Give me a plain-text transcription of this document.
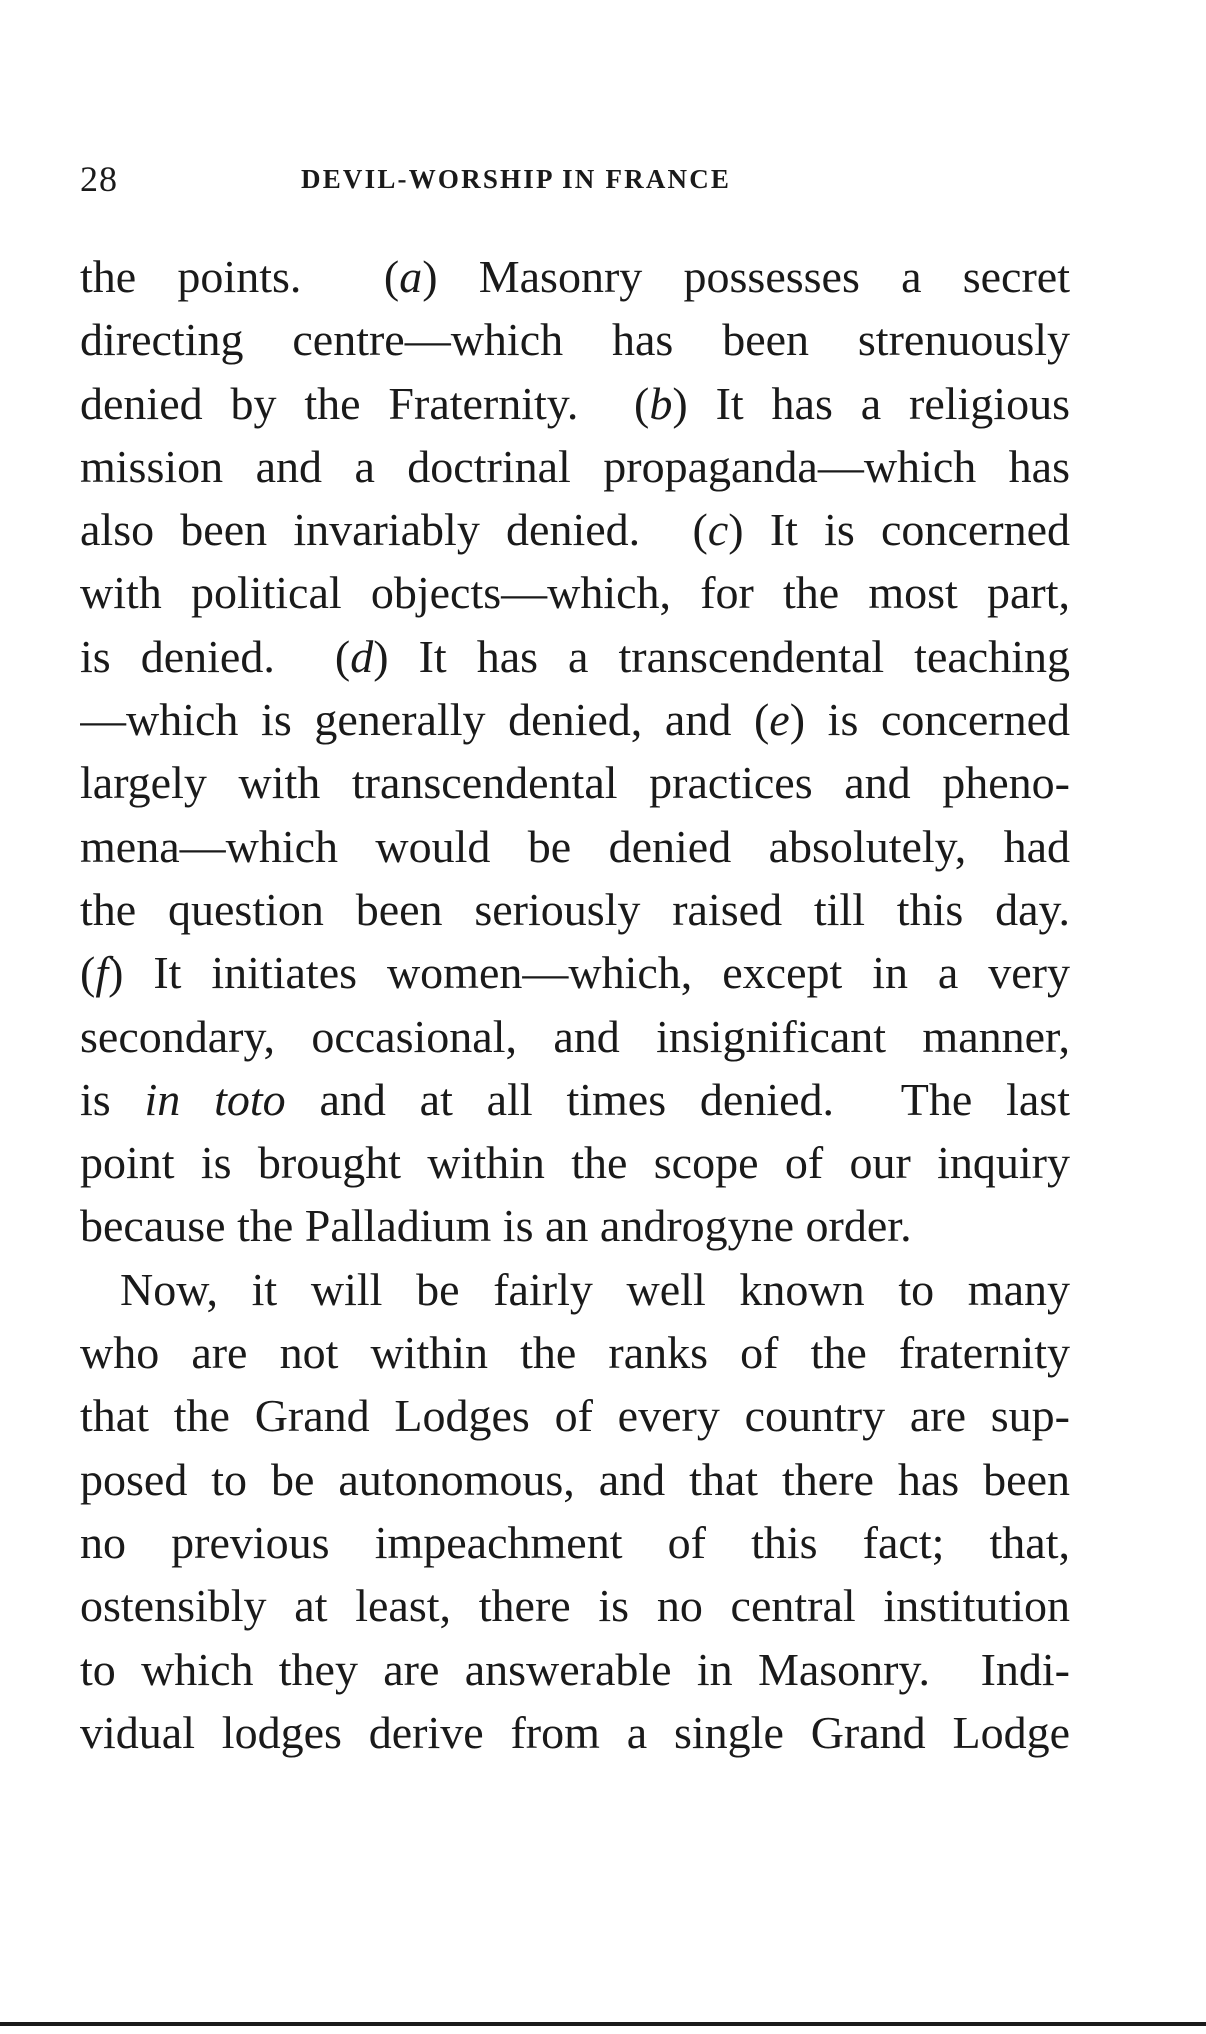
28	DEVIL-WORSHIP IN FRANCE
the points.  (a) Masonry possesses a secret
directing centre—which has been strenuously
denied by the Fraternity.  (b) It has a religious
mission and a doctrinal propaganda—which has
also been invariably denied.  (c) It is concerned
with political objects—which, for the most part,
is denied.  (d) It has a transcendental teaching
—which is generally denied, and (e) is concerned
largely with transcendental practices and pheno-
mena—which would be denied absolutely, had
the question been seriously raised till this day.
(f) It initiates women—which, except in a very
secondary, occasional, and insignificant manner,
is in toto and at all times denied.  The last
point is brought within the scope of our inquiry
because the Palladium is an androgyne order.
Now, it will be fairly well known to many
who are not within the ranks of the fraternity
that the Grand Lodges of every country are sup-
posed to be autonomous, and that there has been
no previous impeachment of this fact; that,
ostensibly at least, there is no central institution
to which they are answerable in Masonry.  Indi-
vidual lodges derive from a single Grand Lodge
